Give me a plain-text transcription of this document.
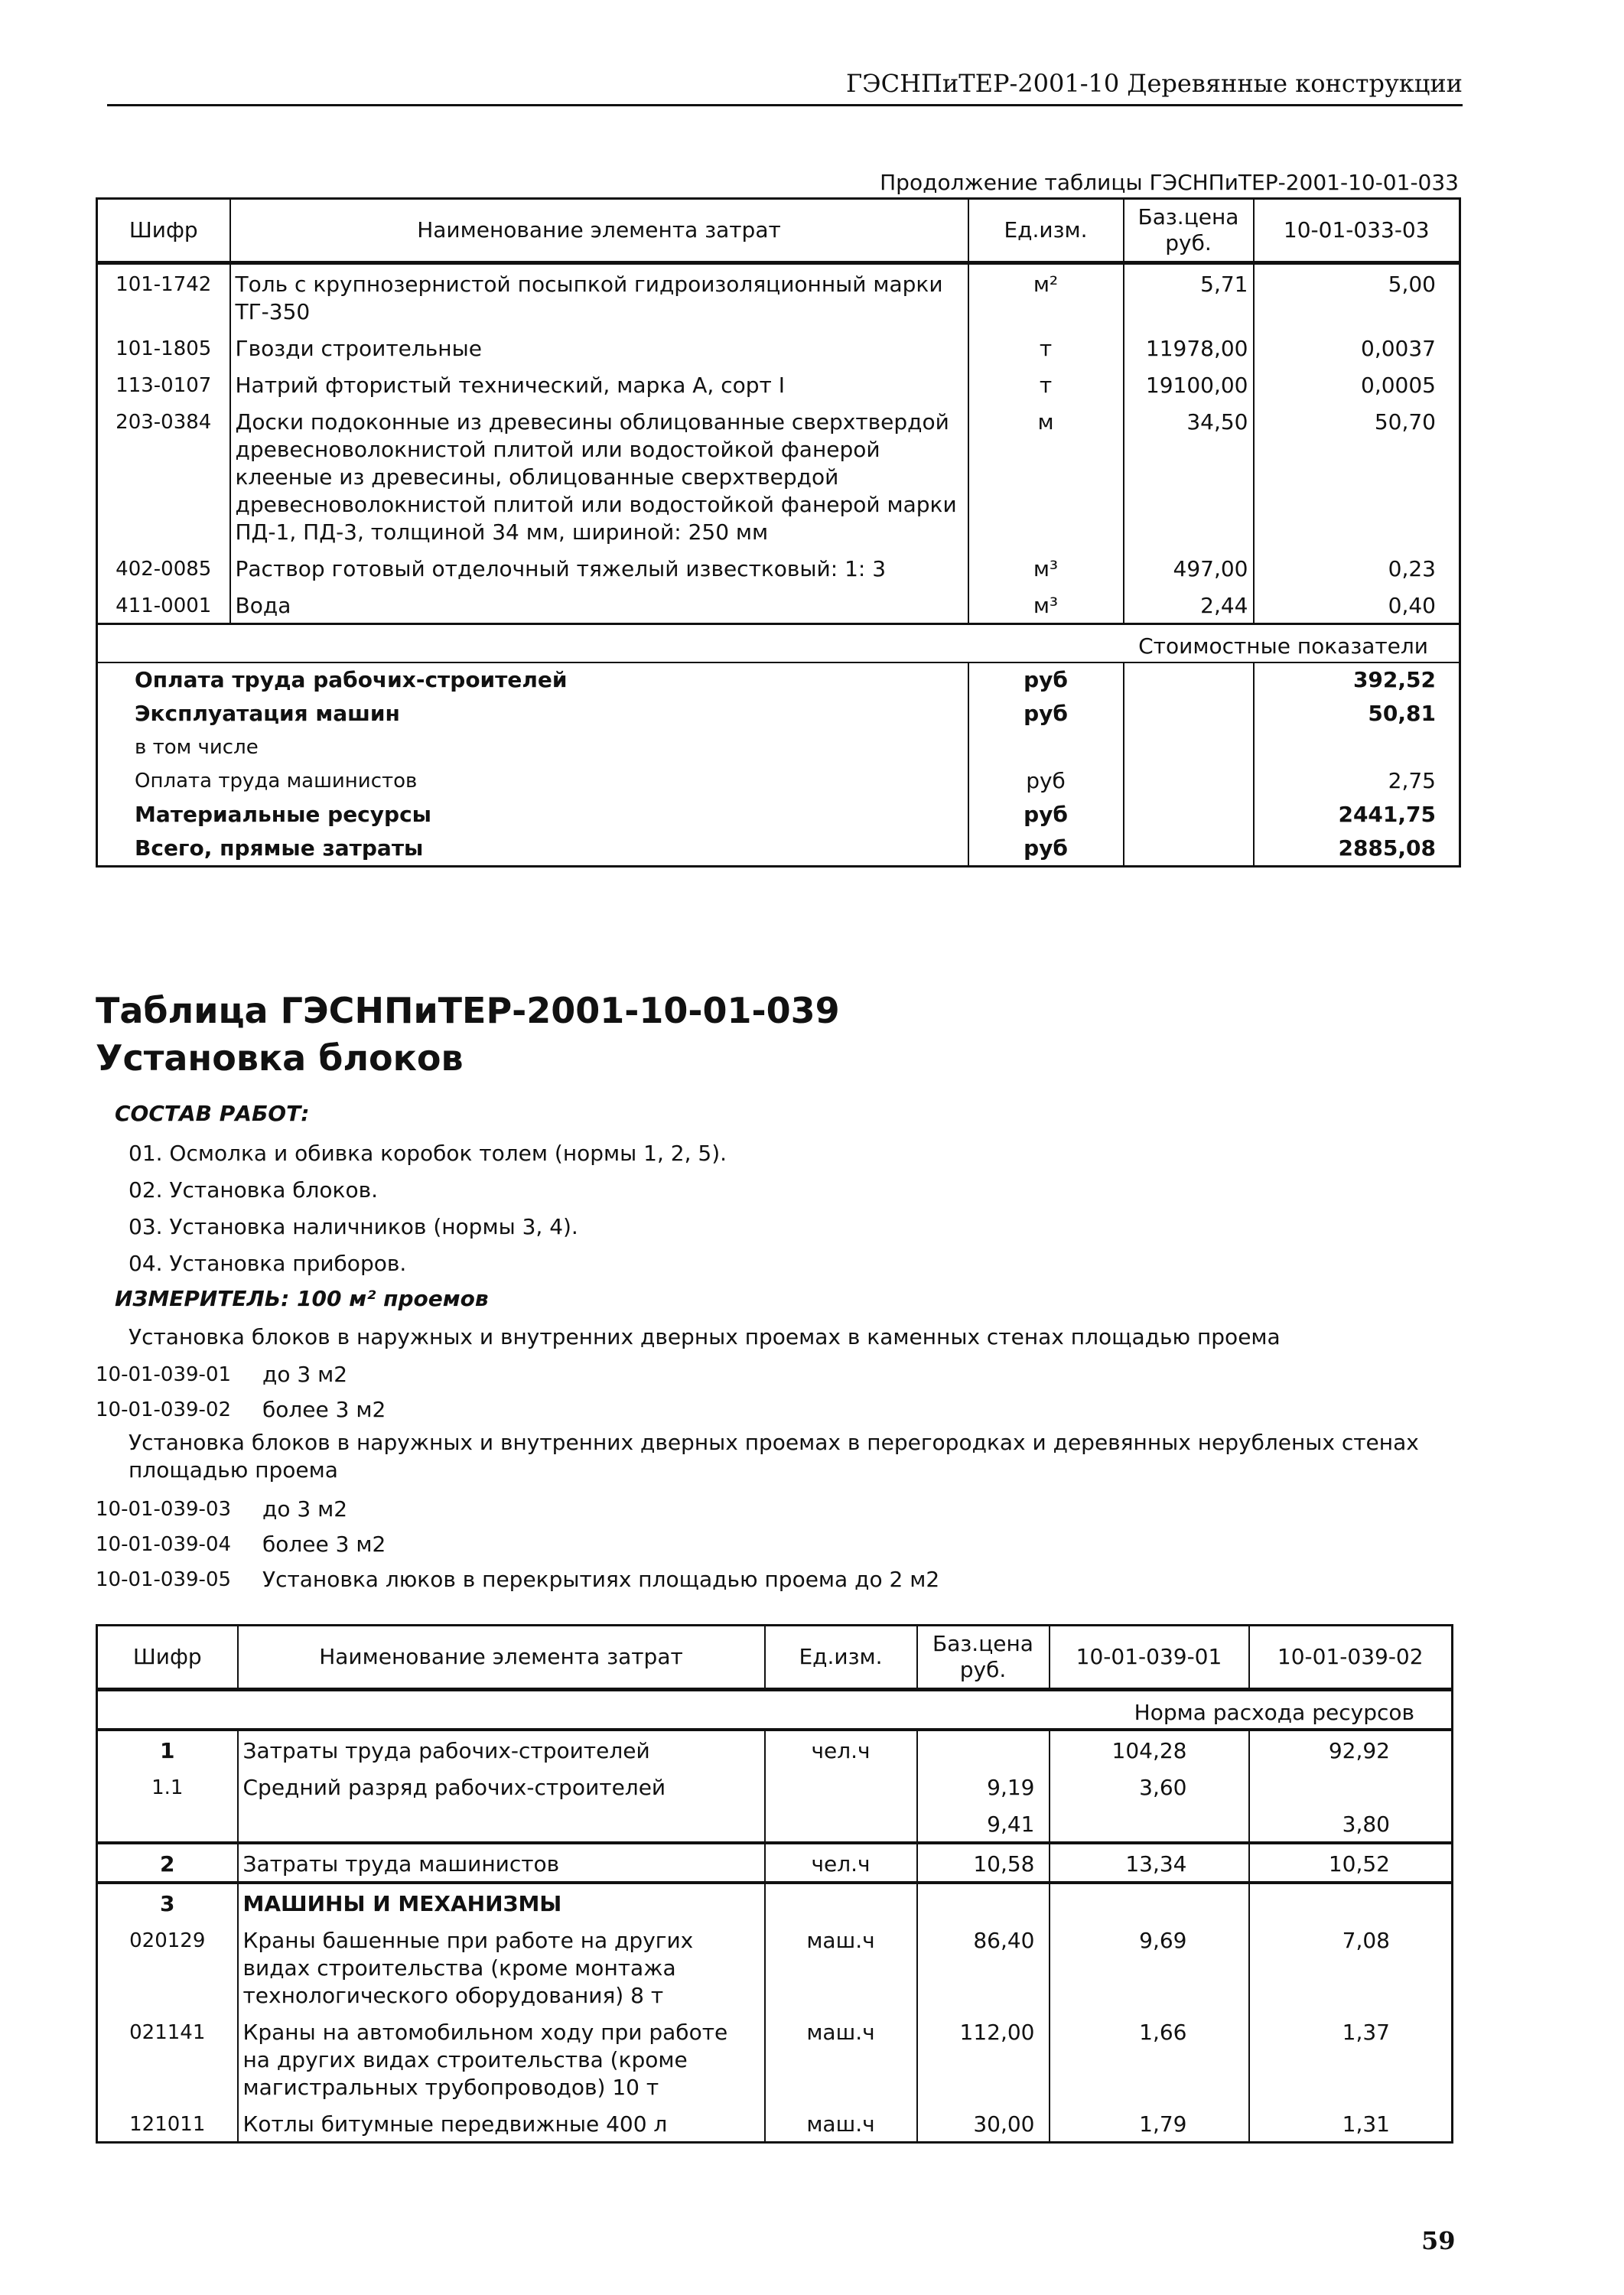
ГЭСНПиТЕР-2001-10 Деревянные конструкции
Продолжение таблицы ГЭСНПиТЕР-2001-10-01-033
Шифр	Наименование элемента затрат	Ед.изм.	Баз.цена руб.	10-01-033-03
101-1742	Толь с крупнозернистой посыпкой гидроизоляционный марки ТГ-350	м²	5,71	5,00
101-1805	Гвозди строительные	т	11978,00	0,0037
113-0107	Натрий фтористый технический, марка А, сорт I	т	19100,00	0,0005
203-0384	Доски подоконные из древесины облицованные сверхтвердой древесноволокнистой плитой или водостойкой фанерой клееные из древесины, облицованные сверхтвердой древесноволокнистой плитой или водостойкой фанерой марки ПД-1, ПД-3, толщиной 34 мм, шириной: 250 мм	м	34,50	50,70
402-0085	Раствор готовый отделочный тяжелый известковый: 1: 3	м³	497,00	0,23
411-0001	Вода	м³	2,44	0,40
Стоимостные показатели				
Оплата труда рабочих-строителей		руб		392,52
Эксплуатация машин		руб		50,81
в том числе				
Оплата труда машинистов		руб		2,75
Материальные ресурсы		руб		2441,75
Всего, прямые затраты		руб		2885,08
Таблица ГЭСНПиТЕР-2001-10-01-039
Установка блоков
СОСТАВ РАБОТ:
01. Осмолка и обивка коробок толем (нормы 1, 2, 5).
02. Установка блоков.
03. Установка наличников (нормы 3, 4).
04. Установка приборов.
ИЗМЕРИТЕЛЬ: 100 м² проемов
Установка блоков в наружных и внутренних дверных проемах в каменных стенах площадью проема
10-01-039-01	до 3 м2
10-01-039-02	более 3 м2
Установка блоков в наружных и внутренних дверных проемах в перегородках и деревянных нерубленых стенах площадью проема
10-01-039-03	до 3 м2
10-01-039-04	более 3 м2
10-01-039-05	Установка люков в перекрытиях площадью проема до 2 м2
Шифр	Наименование элемента затрат	Ед.изм.	Баз.цена руб.	10-01-039-01	10-01-039-02
Норма расхода ресурсов					
1	Затраты труда рабочих-строителей	чел.ч		104,28	92,92
1.1	Средний разряд рабочих-строителей		9,19	3,60	
			9,41		3,80
2	Затраты труда машинистов	чел.ч	10,58	13,34	10,52
3	МАШИНЫ И МЕХАНИЗМЫ				
020129	Краны башенные при работе на других видах строительства (кроме монтажа технологического оборудования) 8 т	маш.ч	86,40	9,69	7,08
021141	Краны на автомобильном ходу при работе на других видах строительства (кроме магистральных трубопроводов) 10 т	маш.ч	112,00	1,66	1,37
121011	Котлы битумные передвижные 400 л	маш.ч	30,00	1,79	1,31
59
